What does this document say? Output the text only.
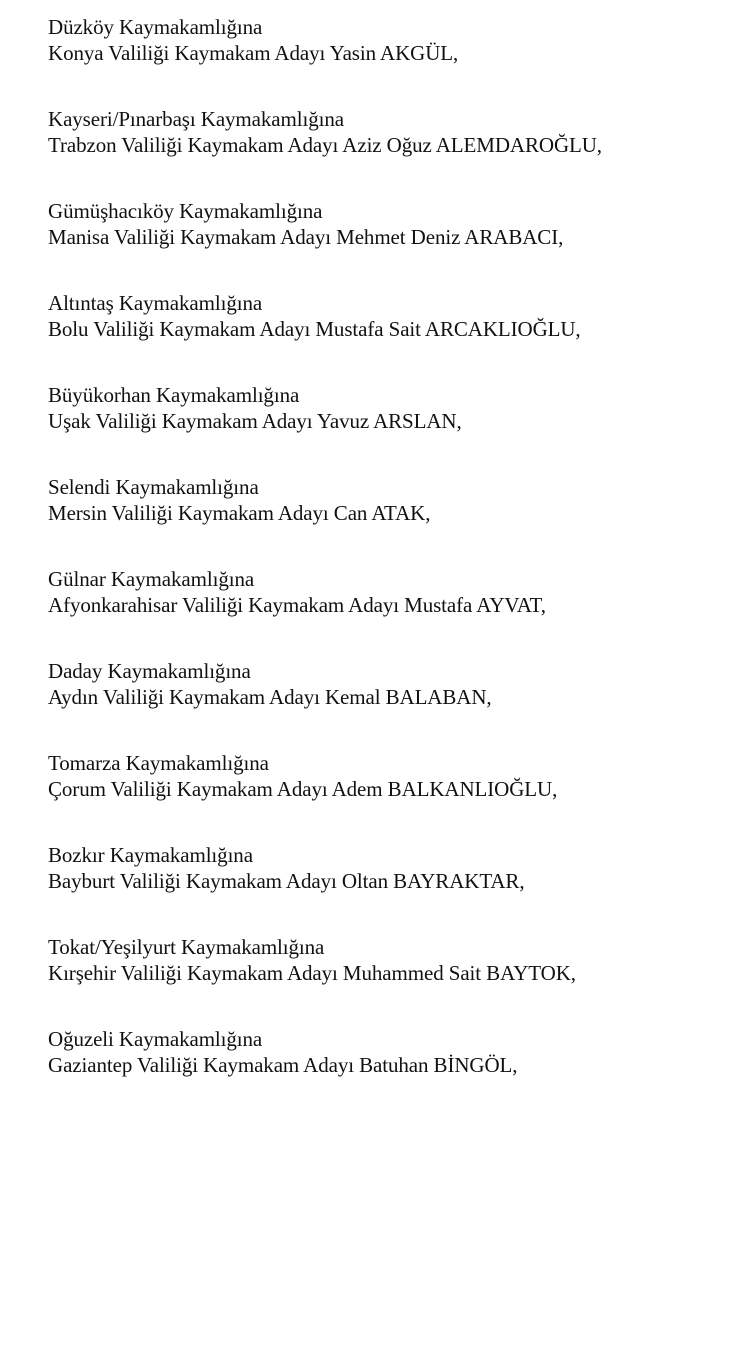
Düzköy Kaymakamlığına
Konya Valiliği Kaymakam Adayı Yasin AKGÜL,
Kayseri/Pınarbaşı Kaymakamlığına
Trabzon Valiliği Kaymakam Adayı Aziz Oğuz ALEMDAROĞLU,
Gümüşhacıköy Kaymakamlığına
Manisa Valiliği Kaymakam Adayı Mehmet Deniz ARABACI,
Altıntaş Kaymakamlığına
Bolu Valiliği Kaymakam Adayı Mustafa Sait ARCAKLIOĞLU,
Büyükorhan Kaymakamlığına
Uşak Valiliği Kaymakam Adayı Yavuz ARSLAN,
Selendi Kaymakamlığına
Mersin Valiliği Kaymakam Adayı Can ATAK,
Gülnar Kaymakamlığına
Afyonkarahisar Valiliği Kaymakam Adayı Mustafa AYVAT,
Daday Kaymakamlığına
Aydın Valiliği Kaymakam Adayı Kemal BALABAN,
Tomarza Kaymakamlığına
Çorum Valiliği Kaymakam Adayı Adem BALKANLIOĞLU,
Bozkır Kaymakamlığına
Bayburt Valiliği Kaymakam Adayı Oltan BAYRAKTAR,
Tokat/Yeşilyurt Kaymakamlığına
Kırşehir Valiliği Kaymakam Adayı Muhammed Sait BAYTOK,
Oğuzeli Kaymakamlığına
Gaziantep Valiliği Kaymakam Adayı Batuhan BİNGÖL,
